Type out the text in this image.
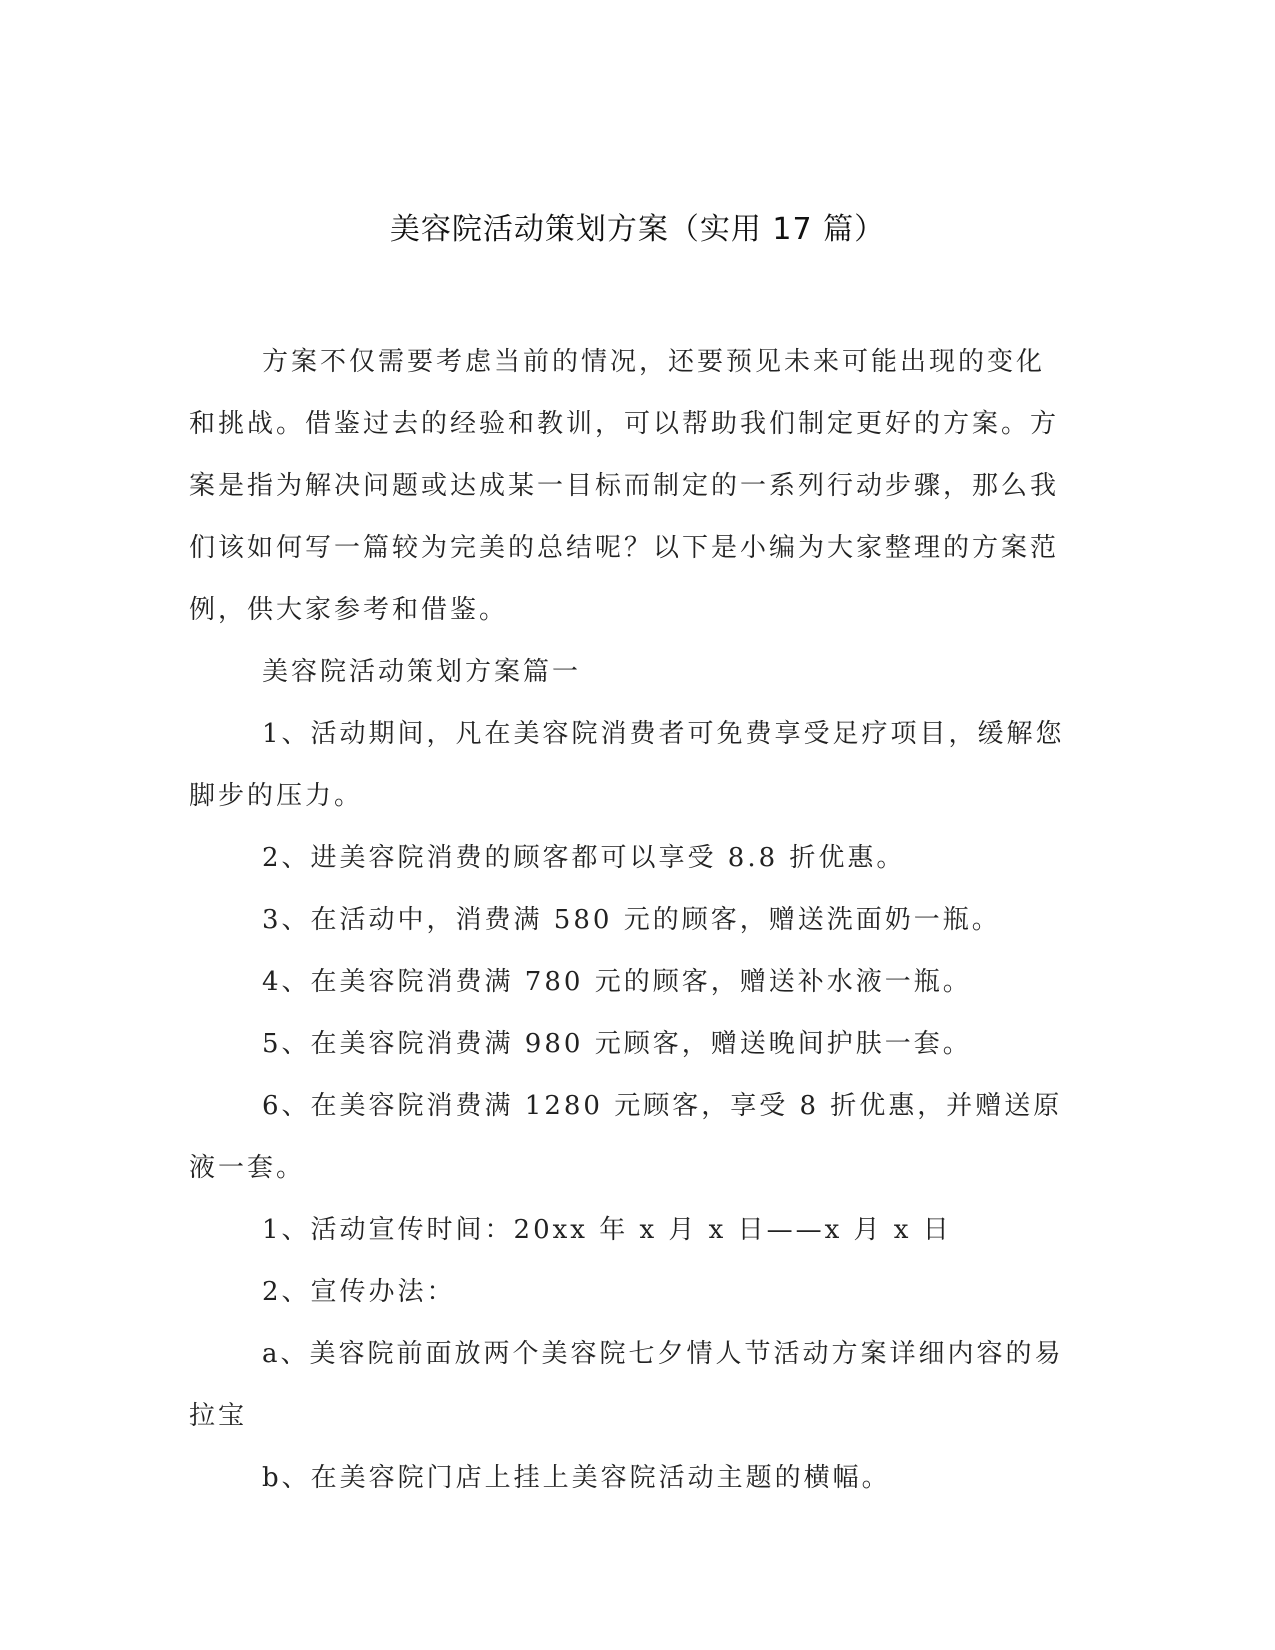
美容院活动策划方案（实用 17 篇）

方案不仅需要考虑当前的情况，还要预见未来可能出现的变化和挑战。借鉴过去的经验和教训，可以帮助我们制定更好的方案。方案是指为解决问题或达成某一目标而制定的一系列行动步骤，那么我们该如何写一篇较为完美的总结呢？以下是小编为大家整理的方案范例，供大家参考和借鉴。

美容院活动策划方案篇一

1、活动期间，凡在美容院消费者可免费享受足疗项目，缓解您脚步的压力。

2、进美容院消费的顾客都可以享受 8.8 折优惠。

3、在活动中，消费满 580 元的顾客，赠送洗面奶一瓶。

4、在美容院消费满 780 元的顾客，赠送补水液一瓶。

5、在美容院消费满 980 元顾客，赠送晚间护肤一套。

6、在美容院消费满 1280 元顾客，享受 8 折优惠，并赠送原液一套。

1、活动宣传时间：20xx 年 x 月 x 日——x 月 x 日

2、宣传办法：

a、美容院前面放两个美容院七夕情人节活动方案详细内容的易拉宝

b、在美容院门店上挂上美容院活动主题的横幅。
